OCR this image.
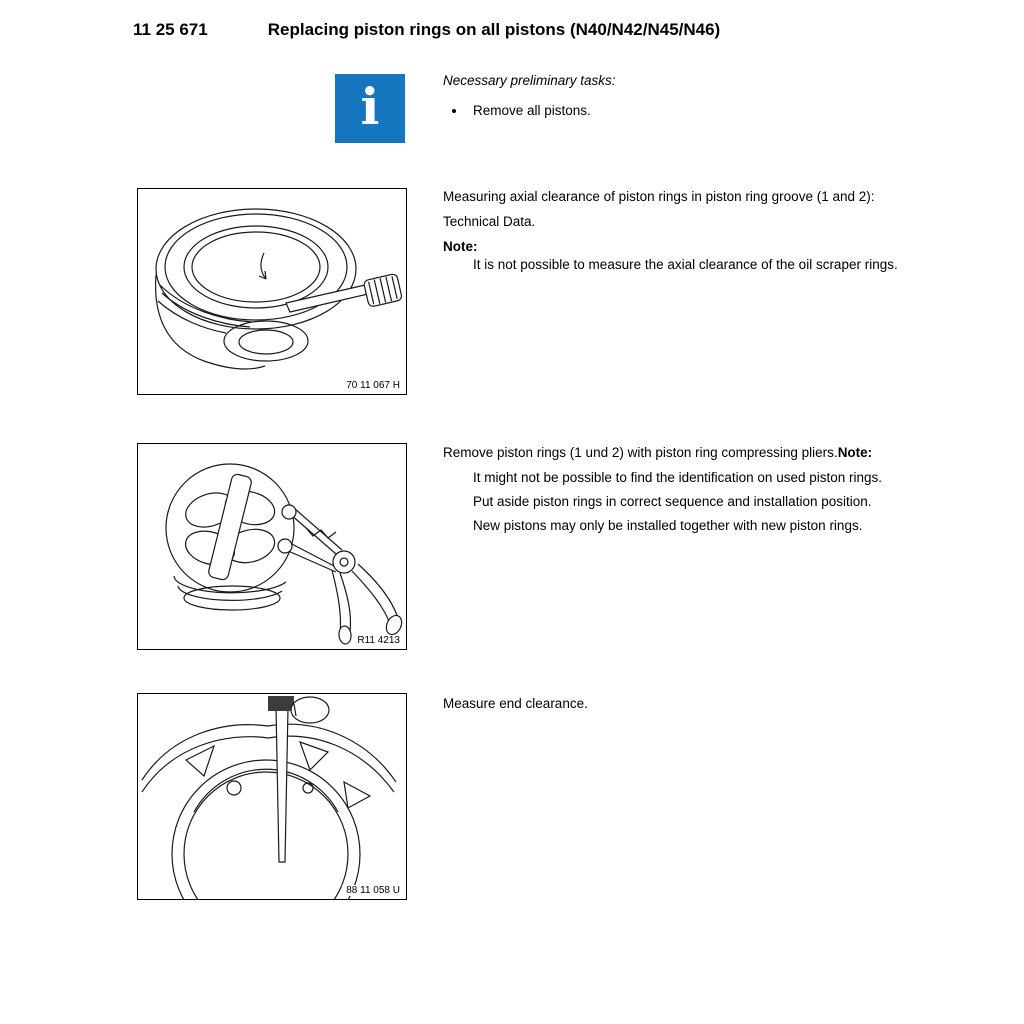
11 25 671	Replacing piston rings on all pistons (N40/N42/N45/N46)
i	Necessary preliminary tasks:
• Remove all pistons.
70 11 067 H

Measuring axial clearance of piston rings in piston ring groove (1 and 2):

Technical Data.

Note:

It is not possible to measure the axial clearance of the oil scraper rings.

R11 4213

Remove piston rings (1 und 2) with piston ring compressing pliers.Note:

It might not be possible to find the identification on used piston rings.

Put aside piston rings in correct sequence and installation position.

New pistons may only be installed together with new piston rings.

88 11 058 U

Measure end clearance.
